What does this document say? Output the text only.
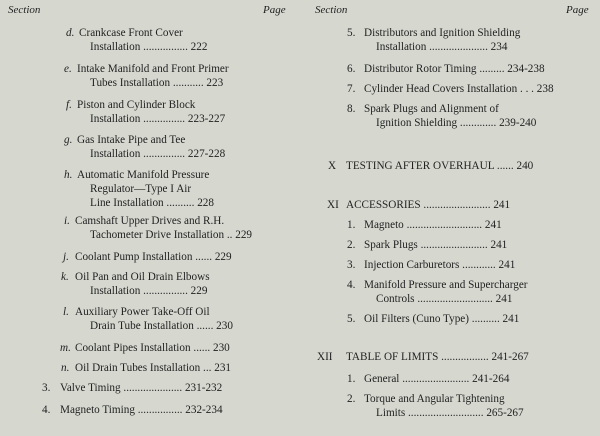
Section	Page	Section	Page
d. Crankcase Front Cover
Installation ................ 222
e. Intake Manifold and Front Primer
Tubes Installation ........... 223
f. Piston and Cylinder Block
Installation ............... 223-227
g. Gas Intake Pipe and Tee
Installation ............... 227-228
h. Automatic Manifold Pressure
Regulator—Type I Air
Line Installation .......... 228
i. Camshaft Upper Drives and R.H.
Tachometer Drive Installation .. 229
j. Coolant Pump Installation ...... 229
k. Oil Pan and Oil Drain Elbows
Installation ................ 229
l. Auxiliary Power Take-Off Oil
Drain Tube Installation ...... 230
m. Coolant Pipes Installation ...... 230
n. Oil Drain Tubes Installation ... 231
3. Valve Timing ..................... 231-232
4. Magneto Timing ................ 232-234
5. Distributors and Ignition Shielding
Installation ..................... 234
6. Distributor Rotor Timing ......... 234-238
7. Cylinder Head Covers Installation . . . 238
8. Spark Plugs and Alignment of
Ignition Shielding ............. 239-240
X TESTING AFTER OVERHAUL ...... 240
XI ACCESSORIES ........................ 241
1. Magneto ........................... 241
2. Spark Plugs ........................ 241
3. Injection Carburetors ............ 241
4. Manifold Pressure and Supercharger
Controls ........................... 241
5. Oil Filters (Cuno Type) .......... 241
XII TABLE OF LIMITS ................. 241-267
1. General ........................ 241-264
2. Torque and Angular Tightening
Limits ........................... 265-267
